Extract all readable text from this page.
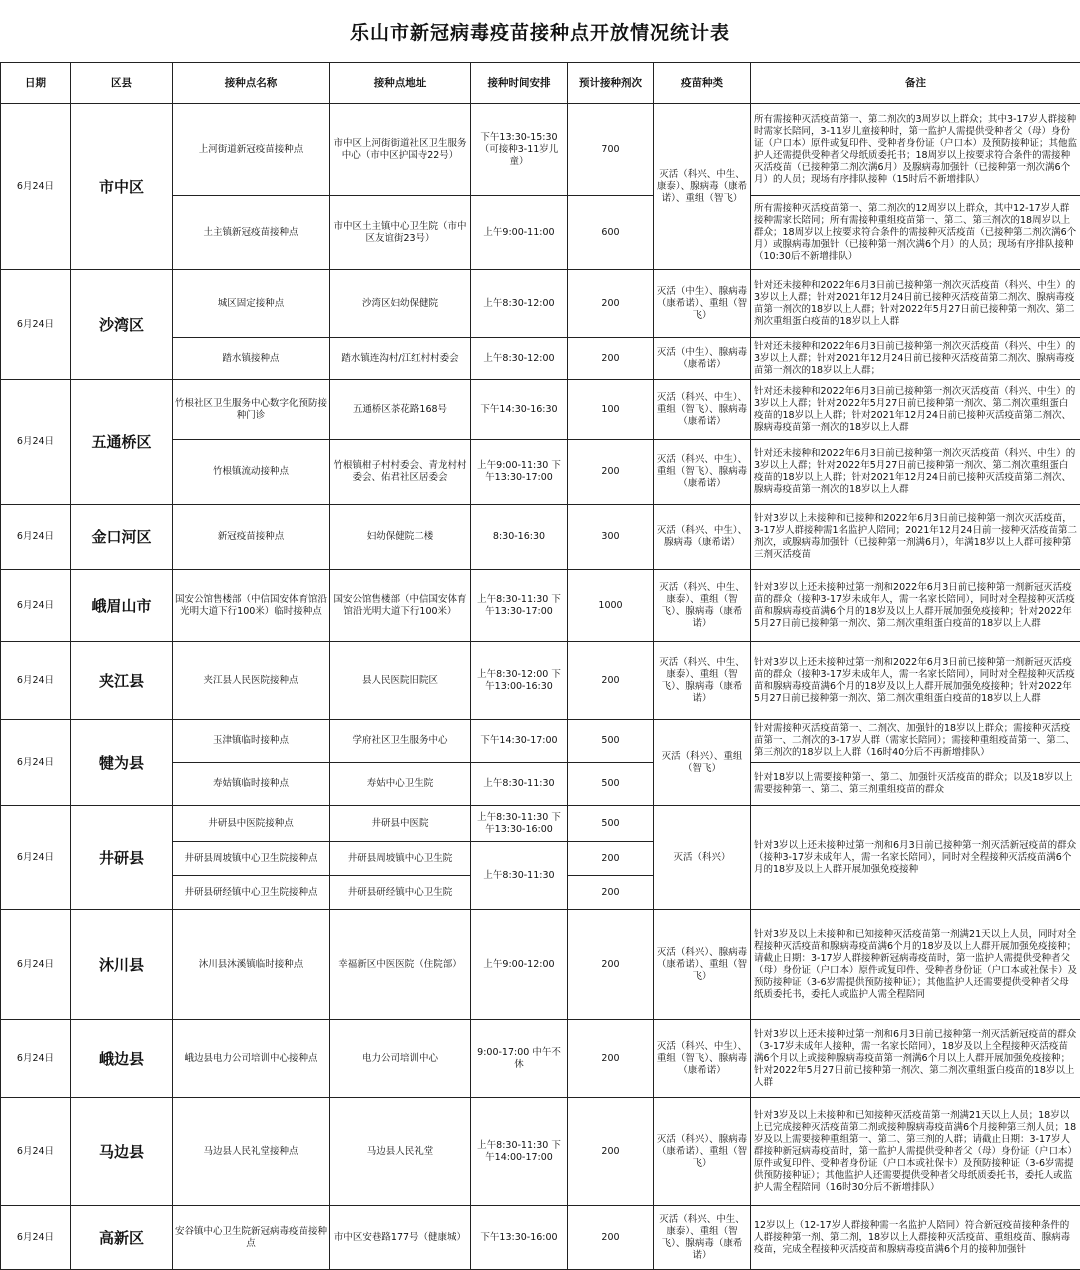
乐山市新冠病毒疫苗接种点开放情况统计表
日期	区县	接种点名称	接种点地址	接种时间安排	预计接种剂次	疫苗种类	备注
6月24日	市中区	上河街道新冠疫苗接种点	市中区上河街街道社区卫生服务中心（市中区护国寺22号）	下午13:30-15:30（可接种3-11岁儿童）	700	灭活（科兴、中生、康泰）、腺病毒（康希诺）、重组（智飞）	所有需接种灭活疫苗第一、第二剂次的3周岁以上群众；其中3-17岁人群接种时需家长陪同，3-11岁儿童接种时，第一监护人需提供受种者父（母）身份证（户口本）原件或复印件、受种者身份证（户口本）及预防接种证；其他监护人还需提供受种者父母纸质委托书；18周岁以上按要求符合条件的需接种灭活疫苗（已接种第二剂次满6月）及腺病毒加强针（已接种第一剂次满6个月）的人员；现场有序排队接种（15时后不新增排队）
		土主镇新冠疫苗接种点	市中区土主镇中心卫生院（市中区友谊街23号）	上午9:00-11:00	600		所有需接种灭活疫苗第一、第二剂次的12周岁以上群众，其中12-17岁人群接种需家长陪同；所有需接种重组疫苗第一、第二、第三剂次的18周岁以上群众；18周岁以上按要求符合条件的需接种灭活疫苗（已接种第二剂次满6个月）或腺病毒加强针（已接种第一剂次满6个月）的人员；现场有序排队接种（10:30后不新增排队）
6月24日	沙湾区	城区固定接种点	沙湾区妇幼保健院	上午8:30-12:00	200	灭活（中生）、腺病毒（康希诺）、重组（智飞）	针对还未接种和2022年6月3日前已接种第一剂次灭活疫苗（科兴、中生）的3岁以上人群；针对2021年12月24日前已接种灭活疫苗第二剂次、腺病毒疫苗第一剂次的18岁以上人群；针对2022年5月27日前已接种第一剂次、第二剂次重组蛋白疫苗的18岁以上人群
		踏水镇接种点	踏水镇连沟村/江红村村委会	上午8:30-12:00	200	灭活（中生）、腺病毒（康希诺）	针对还未接种和2022年6月3日前已接种第一剂次灭活疫苗（科兴、中生）的3岁以上人群；针对2021年12月24日前已接种灭活疫苗第二剂次、腺病毒疫苗第一剂次的18岁以上人群；
6月24日	五通桥区	竹根社区卫生服务中心数字化预防接种门诊	五通桥区茶花路168号	下午14:30-16:30	100	灭活（科兴、中生）、重组（智飞）、腺病毒（康希诺）	针对还未接种和2022年6月3日前已接种第一剂次灭活疫苗（科兴、中生）的3岁以上人群；针对2022年5月27日前已接种第一剂次、第二剂次重组蛋白疫苗的18岁以上人群；针对2021年12月24日前已接种灭活疫苗第二剂次、腺病毒疫苗第一剂次的18岁以上人群
		竹根镇流动接种点	竹根镇柑子村村委会、青龙村村委会、佑君社区居委会	上午9:00-11:30 下午13:30-17:00	200	灭活（科兴、中生）、重组（智飞）、腺病毒（康希诺）	针对还未接种和2022年6月3日前已接种第一剂次灭活疫苗（科兴、中生）的3岁以上人群；针对2022年5月27日前已接种第一剂次、第二剂次重组蛋白疫苗的18岁以上人群；针对2021年12月24日前已接种灭活疫苗第二剂次、腺病毒疫苗第一剂次的18岁以上人群
6月24日	金口河区	新冠疫苗接种点	妇幼保健院二楼	8:30-16:30	300	灭活（科兴、中生）、腺病毒（康希诺）	针对3岁以上未接种和已接种和2022年6月3日前已接种第一剂次灭活疫苗，3-17岁人群接种需1名监护人陪同；2021年12月24日前一接种灭活疫苗第二剂次，或腺病毒加强针（已接种第一剂满6月），年满18岁以上人群可接种第三剂灭活疫苗
6月24日	峨眉山市	国安公馆售楼部（中信国安体育馆沿光明大道下行100米）临时接种点	国安公馆售楼部（中信国安体育馆沿光明大道下行100米）	上午8:30-11:30 下午13:30-17:00	1000	灭活（科兴、中生、康泰）、重组（智飞）、腺病毒（康希诺）	针对3岁以上还未接种过第一剂和2022年6月3日前已接种第一剂新冠灭活疫苗的群众（接种3-17岁未成年人，需一名家长陪同），同时对全程接种灭活疫苗和腺病毒疫苗满6个月的18岁及以上人群开展加强免疫接种；针对2022年5月27日前已接种第一剂次、第二剂次重组蛋白疫苗的18岁以上人群
6月24日	夹江县	夹江县人民医院接种点	县人民医院旧院区	上午8:30-12:00 下午13:00-16:30	200	灭活（科兴、中生、康泰）、重组（智飞）、腺病毒（康希诺）	针对3岁以上还未接种过第一剂和2022年6月3日前已接种第一剂新冠灭活疫苗的群众（接种3-17岁未成年人，需一名家长陪同），同时对全程接种灭活疫苗和腺病毒疫苗满6个月的18岁及以上人群开展加强免疫接种；针对2022年5月27日前已接种第一剂次、第二剂次重组蛋白疫苗的18岁以上人群
6月24日	犍为县	玉津镇临时接种点	学府社区卫生服务中心	下午14:30-17:00	500	灭活（科兴）、重组（智飞）	针对需接种灭活疫苗第一、二剂次、加强针的18岁以上群众；需接种灭活疫苗第一、二剂次的3-17岁人群（需家长陪同）；需接种重组疫苗第一、第二、第三剂次的18岁以上人群（16时40分后不再新增排队）
		寿姑镇临时接种点	寿姑中心卫生院	上午8:30-11:30	500		针对18岁以上需要接种第一、第二、加强针灭活疫苗的群众；以及18岁以上需要接种第一、第二、第三剂重组疫苗的群众
6月24日	井研县	井研县中医院接种点	井研县中医院	上午8:30-11:30 下午13:30-16:00	500	灭活（科兴）	针对3岁以上还未接种过第一剂和6月3日前已接种第一剂灭活新冠疫苗的群众（接种3-17岁未成年人，需一名家长陪同），同时对全程接种灭活疫苗满6个月的18岁及以上人群开展加强免疫接种
		井研县周坡镇中心卫生院接种点	井研县周坡镇中心卫生院	上午8:30-11:30	200		
		井研县研经镇中心卫生院接种点	井研县研经镇中心卫生院		200		
6月24日	沐川县	沐川县沐溪镇临时接种点	幸福新区中医医院（住院部）	上午9:00-12:00	200	灭活（科兴）、腺病毒（康希诺）、重组（智飞）	针对3岁及以上未接种和已知接种灭活疫苗第一剂满21天以上人员，同时对全程接种灭活疫苗和腺病毒疫苗满6个月的18岁及以上人群开展加强免疫接种；请截止日期：3-17岁人群接种新冠病毒疫苗时，第一监护人需提供受种者父（母）身份证（户口本）原件或复印件、受种者身份证（户口本或社保卡）及预防接种证（3-6岁需提供预防接种证）；其他监护人还需要提供受种者父母纸质委托书，委托人或监护人需全程陪同
6月24日	峨边县	峨边县电力公司培训中心接种点	电力公司培训中心	9:00-17:00 中午不休	200	灭活（科兴、中生）、重组（智飞）、腺病毒（康希诺）	针对3岁以上还未接种过第一剂和6月3日前已接种第一剂灭活新冠疫苗的群众（3-17岁未成年人接种，需一名家长陪同），18岁及以上全程接种灭活疫苗满6个月以上或接种腺病毒疫苗第一剂满6个月以上人群开展加强免疫接种；针对2022年5月27日前已接种第一剂次、第二剂次重组蛋白疫苗的18岁以上人群
6月24日	马边县	马边县人民礼堂接种点	马边县人民礼堂	上午8:30-11:30 下午14:00-17:00	200	灭活（科兴）、腺病毒（康希诺）、重组（智飞）	针对3岁及以上未接种和已知接种灭活疫苗第一剂满21天以上人员；18岁以上已完成接种灭活疫苗第二剂或接种腺病毒疫苗满6个月接种第三剂人员；18岁及以上需要接种重组第一、第二、第三剂的人群；请截止日期：3-17岁人群接种新冠病毒疫苗时，第一监护人需提供受种者父（母）身份证（户口本）原件或复印件、受种者身份证（户口本或社保卡）及预防接种证（3-6岁需提供预防接种证）；其他监护人还需要提供受种者父母纸质委托书，委托人或监护人需全程陪同（16时30分后不新增排队）
6月24日	高新区	安谷镇中心卫生院新冠病毒疫苗接种点	市中区安巷路177号（健康城）	下午13:30-16:00	200	灭活（科兴、中生、康泰）、重组（智飞）、腺病毒（康希诺）	12岁以上（12-17岁人群接种需一名监护人陪同）符合新冠疫苗接种条件的人群接种第一剂、第二剂，18岁以上人群接种灭活疫苗、重组疫苗、腺病毒疫苗，完成全程接种灭活疫苗和腺病毒疫苗满6个月的接种加强针
